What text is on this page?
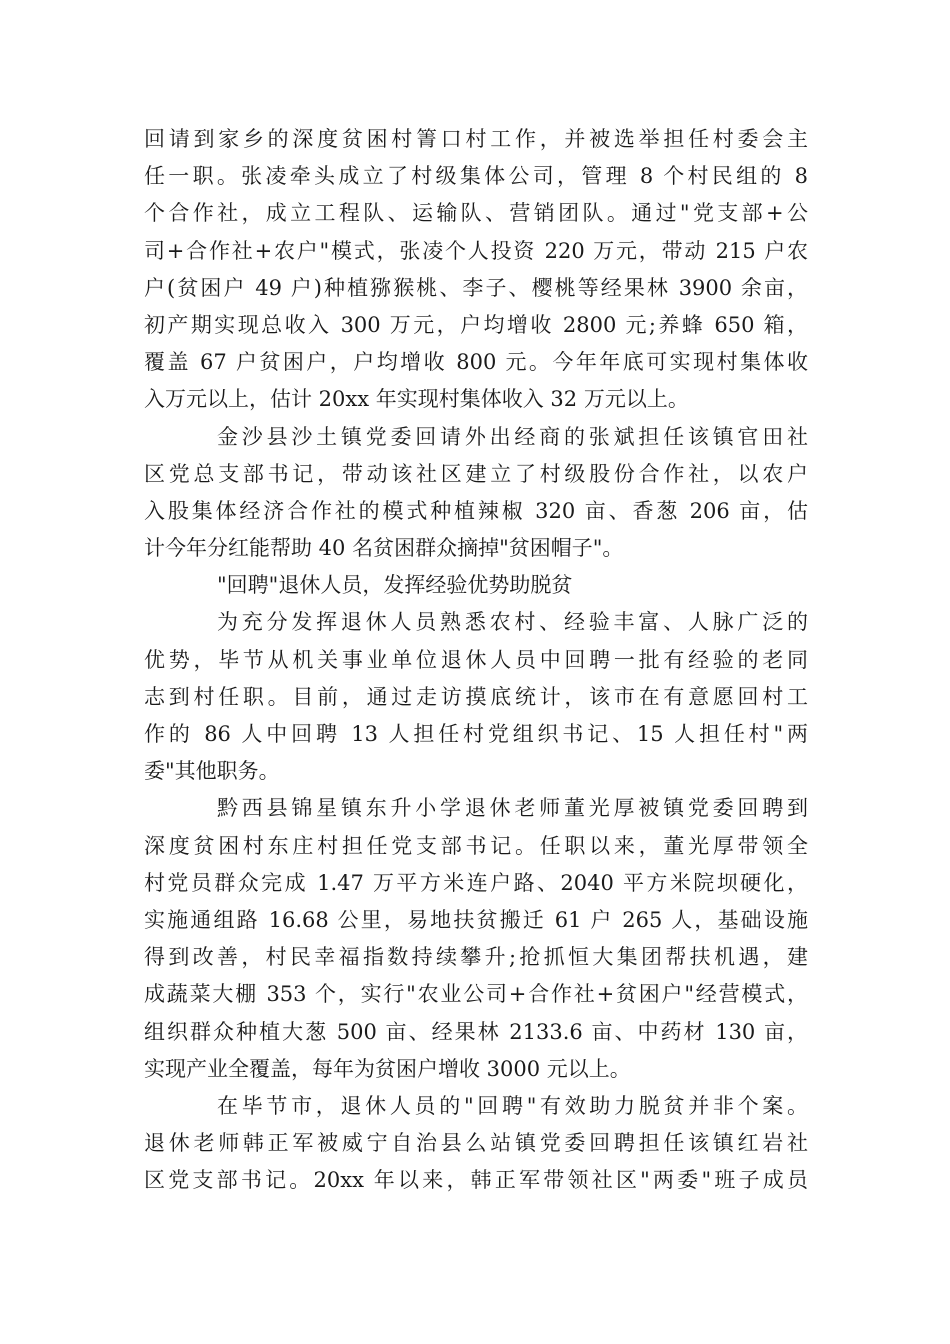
回请到家乡的深度贫困村箐口村工作，并被选举担任村委会主
任一职。张凌牵头成立了村级集体公司，管理 8 个村民组的 8
个合作社，成立工程队、运输队、营销团队。通过"党支部+公
司+合作社+农户"模式，张凌个人投资 220 万元，带动 215 户农
户(贫困户 49 户)种植猕猴桃、李子、樱桃等经果林 3900 余亩，
初产期实现总收入 300 万元，户均增收 2800 元;养蜂 650 箱，
覆盖 67 户贫困户，户均增收 800 元。今年年底可实现村集体收
入万元以上，估计 20xx 年实现村集体收入 32 万元以上。
金沙县沙土镇党委回请外出经商的张斌担任该镇官田社
区党总支部书记，带动该社区建立了村级股份合作社，以农户
入股集体经济合作社的模式种植辣椒 320 亩、香葱 206 亩，估
计今年分红能帮助 40 名贫困群众摘掉"贫困帽子"。
"回聘"退休人员，发挥经验优势助脱贫
为充分发挥退休人员熟悉农村、经验丰富、人脉广泛的
优势，毕节从机关事业单位退休人员中回聘一批有经验的老同
志到村任职。目前，通过走访摸底统计，该市在有意愿回村工
作的 86 人中回聘 13 人担任村党组织书记、15 人担任村"两
委"其他职务。
黔西县锦星镇东升小学退休老师董光厚被镇党委回聘到
深度贫困村东庄村担任党支部书记。任职以来，董光厚带领全
村党员群众完成 1.47 万平方米连户路、2040 平方米院坝硬化，
实施通组路 16.68 公里，易地扶贫搬迁 61 户 265 人，基础设施
得到改善，村民幸福指数持续攀升;抢抓恒大集团帮扶机遇，建
成蔬菜大棚 353 个，实行"农业公司+合作社+贫困户"经营模式，
组织群众种植大葱 500 亩、经果林 2133.6 亩、中药材 130 亩，
实现产业全覆盖，每年为贫困户增收 3000 元以上。
在毕节市，退休人员的"回聘"有效助力脱贫并非个案。
退休老师韩正军被威宁自治县么站镇党委回聘担任该镇红岩社
区党支部书记。20xx 年以来，韩正军带领社区"两委"班子成员
